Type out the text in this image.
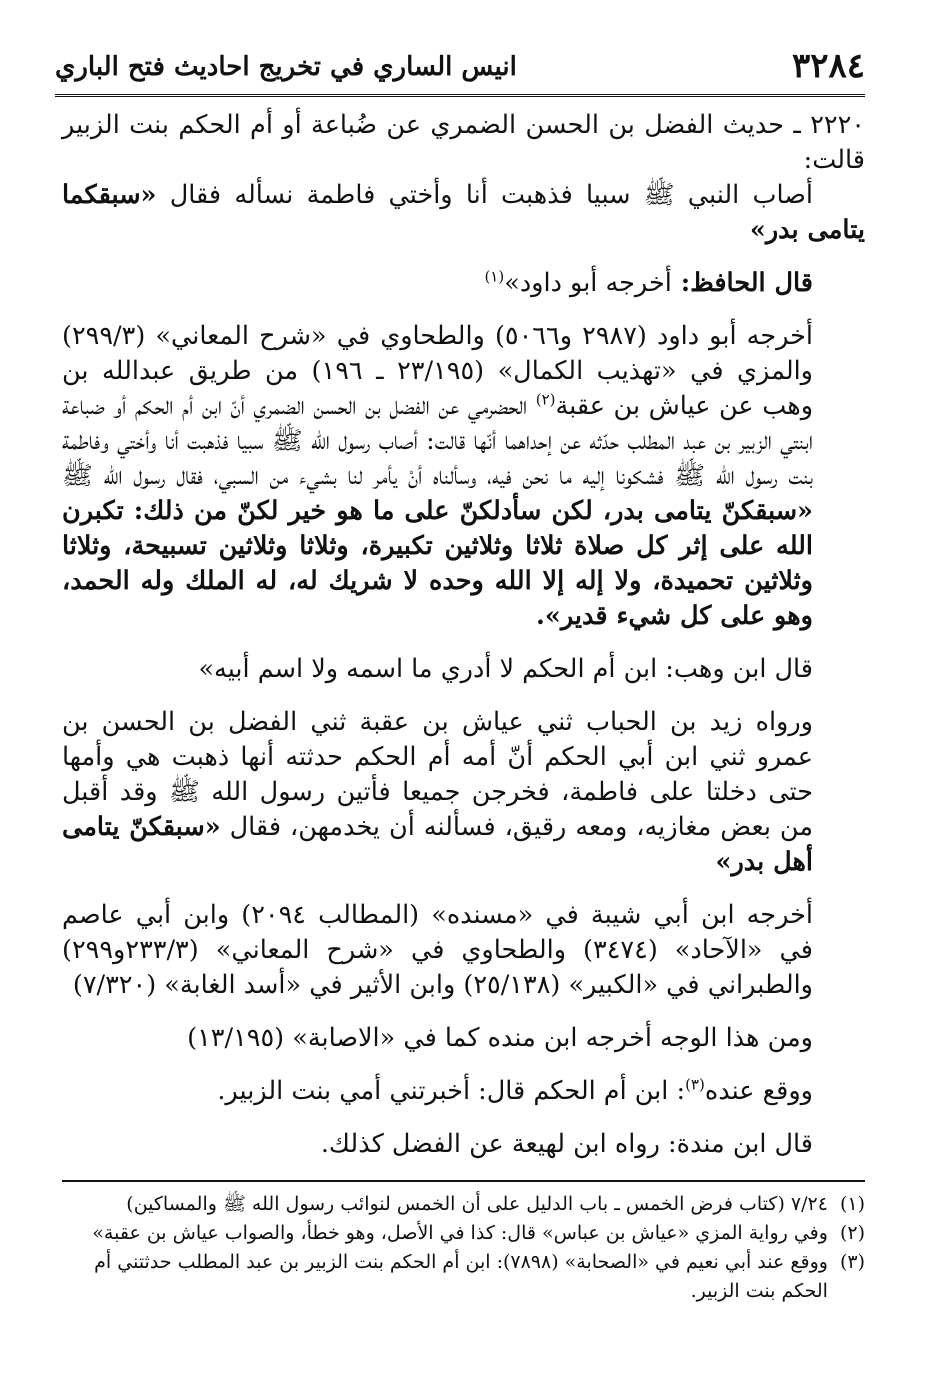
٣٢٨٤
انيس الساري في تخريج احاديث فتح الباري

٢٢٢٠ ـ حديث الفضل بن الحسن الضمري عن ضُباعة أو أم الحكم بنت الزبير قالت:
أصاب النبي ﷺ سبيا فذهبت أنا وأختي فاطمة نسأله فقال «سبقكما يتامى بدر»

قال الحافظ: أخرجه أبو داود»$^{(١)}$

أخرجه أبو داود (٢٩٨٧ و٥٠٦٦) والطحاوي في «شرح المعاني» (٢٩٩/٣) والمزي في «تهذيب الكمال» (٢٣/١٩٥ ـ ١٩٦) من طريق عبدالله بن وهب عن عياش بن عقبة$^{(٢)}$ الحضرمي عن الفضل بن الحسن الضمري أنّ ابن أم الحكم أو ضباعة ابنتي الزبير بن عبد المطلب حدّثه عن إحداهما أنّها قالت: أصاب رسول الله ﷺ سبيا فذهبت أنا وأختي وفاطمة بنت رسول الله ﷺ فشكونا إليه ما نحن فيه، وسألناه أنْ يأمر لنا بشيء من السبي، فقال رسول الله ﷺ «سبقكنّ يتامى بدر، لكن سأدلكنّ على ما هو خير لكنّ من ذلك: تكبرن الله على إثر كل صلاة ثلاثا وثلاثين تكبيرة، وثلاثا وثلاثين تسبيحة، وثلاثا وثلاثين تحميدة، ولا إله إلا الله وحده لا شريك له، له الملك وله الحمد، وهو على كل شيء قدير».

قال ابن وهب: ابن أم الحكم لا أدري ما اسمه ولا اسم أبيه»

ورواه زيد بن الحباب ثني عياش بن عقبة ثني الفضل بن الحسن بن عمرو ثني ابن أبي الحكم أنّ أمه أم الحكم حدثته أنها ذهبت هي وأمها حتى دخلتا على فاطمة، فخرجن جميعا فأتين رسول الله ﷺ وقد أقبل من بعض مغازيه، ومعه رقيق، فسألنه أن يخدمهن، فقال «سبقكنّ يتامى أهل بدر»

أخرجه ابن أبي شيبة في «مسنده» (المطالب ٢٠٩٤) وابن أبي عاصم في «الآحاد» (٣٤٧٤) والطحاوي في «شرح المعاني» (٢٣٣/٣و٢٩٩) والطبراني في «الكبير» (٢٥/١٣٨) وابن الأثير في «أسد الغابة» (٧/٣٢٠)

ومن هذا الوجه أخرجه ابن منده كما في «الاصابة» (١٣/١٩٥)

ووقع عنده$^{(٣)}$: ابن أم الحكم قال: أخبرتني أمي بنت الزبير.

قال ابن مندة: رواه ابن لهيعة عن الفضل كذلك.

(١)
٧/٢٤ (كتاب فرض الخمس ـ باب الدليل على أن الخمس لنوائب رسول الله ﷺ والمساكين)
(٢)
وفي رواية المزي «عياش بن عباس» قال: كذا في الأصل، وهو خطأ، والصواب عياش بن عقبة»
(٣)
ووقع عند أبي نعيم في «الصحابة» (٧٨٩٨): ابن أم الحكم بنت الزبير بن عبد المطلب حدثتني أم الحكم بنت الزبير.
